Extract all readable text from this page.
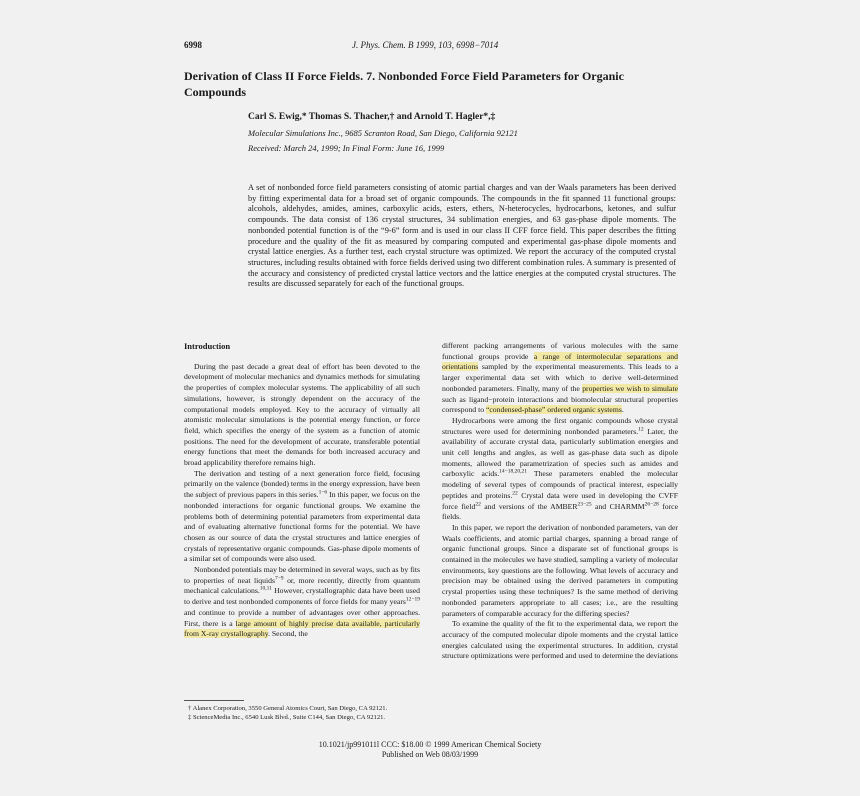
6998	J. Phys. Chem. B 1999, 103, 6998−7014
Derivation of Class II Force Fields. 7. Nonbonded Force Field Parameters for Organic Compounds
Carl S. Ewig,* Thomas S. Thacher,† and Arnold T. Hagler*,‡
Molecular Simulations Inc., 9685 Scranton Road, San Diego, California 92121
Received: March 24, 1999; In Final Form: June 16, 1999
A set of nonbonded force field parameters consisting of atomic partial charges and van der Waals parameters has been derived by fitting experimental data for a broad set of organic compounds. The compounds in the fit spanned 11 functional groups: alcohols, aldehydes, amides, amines, carboxylic acids, esters, ethers, N-heterocycles, hydrocarbons, ketones, and sulfur compounds. The data consist of 136 crystal structures, 34 sublimation energies, and 63 gas-phase dipole moments. The nonbonded potential function is of the “9-6” form and is used in our class II CFF force field. This paper describes the fitting procedure and the quality of the fit as measured by comparing computed and experimental gas-phase dipole moments and crystal lattice energies. As a further test, each crystal structure was optimized. We report the accuracy of the computed crystal structures, including results obtained with force fields derived using two different combination rules. A summary is presented of the accuracy and consistency of predicted crystal lattice vectors and the lattice energies at the computed crystal structures. The results are discussed separately for each of the functional groups.
Introduction

During the past decade a great deal of effort has been devoted to the development of molecular mechanics and dynamics methods for simulating the properties of complex molecular systems. The applicability of all such simulations, however, is strongly dependent on the accuracy of the computational models employed. Key to the accuracy of virtually all atomistic molecular simulations is the potential energy function, or force field, which specifies the energy of the system as a function of atomic positions. The need for the development of accurate, transferable potential energy functions that meet the demands for both increased accuracy and broad applicability therefore remains high.

The derivation and testing of a next generation force field, focusing primarily on the valence (bonded) terms in the energy expression, have been the subject of previous papers in this series.$^{1-6}$ In this paper, we focus on the nonbonded interactions for organic functional groups. We examine the problems both of determining potential parameters from experimental data and of evaluating alternative functional forms for the potential. We have chosen as our source of data the crystal structures and lattice energies of crystals of representative organic compounds. Gas-phase dipole moments of a similar set of compounds were also used.

Nonbonded potentials may be determined in several ways, such as by fits to properties of neat liquids$^{7-9}$ or, more recently, directly from quantum mechanical calculations.$^{10,11}$ However, crystallographic data have been used to derive and test nonbonded components of force fields for many years$^{12-19}$ and continue to provide a number of advantages over other approaches. First, there is a large amount of highly precise data available, particularly from X-ray crystallography. Second, the

† Alanex Corporation, 3550 General Atomics Court, San Diego, CA 92121.

‡ ScienceMedia Inc., 6540 Lusk Blvd., Suite C144, San Diego, CA 92121.

different packing arrangements of various molecules with the same functional groups provide a range of intermolecular separations and orientations sampled by the experimental measurements. This leads to a larger experimental data set with which to derive well-determined nonbonded parameters. Finally, many of the properties we wish to simulate such as ligand−protein interactions and biomolecular structural properties correspond to “condensed-phase” ordered organic systems.

Hydrocarbons were among the first organic compounds whose crystal structures were used for determining nonbonded parameters.$^{12}$ Later, the availability of accurate crystal data, particularly sublimation energies and unit cell lengths and angles, as well as gas-phase data such as dipole moments, allowed the parametrization of species such as amides and carboxylic acids.$^{14-18,20,21}$ These parameters enabled the molecular modeling of several types of compounds of practical interest, especially peptides and proteins.$^{22}$ Crystal data were used in developing the CVFF force field$^{22}$ and versions of the $AMBER^{23-25}$ and $CHARMM^{26-28}$ force fields.

In this paper, we report the derivation of nonbonded parameters, van der Waals coefficients, and atomic partial charges, spanning a broad range of organic functional groups. Since a disparate set of functional groups is contained in the molecules we have studied, sampling a variety of molecular environments, key questions are the following. What levels of accuracy and precision may be obtained using the derived parameters in computing crystal properties using these techniques? Is the same method of deriving nonbonded parameters appropriate to all cases; i.e., are the resulting parameters of comparable accuracy for the differing species?

To examine the quality of the fit to the experimental data, we report the accuracy of the computed molecular dipole moments and the crystal lattice energies calculated using the experimental structures. In addition, crystal structure optimizations were performed and used to determine the deviations

10.1021/jp991011l CCC: $18.00 © 1999 American Chemical Society
Published on Web 08/03/1999
